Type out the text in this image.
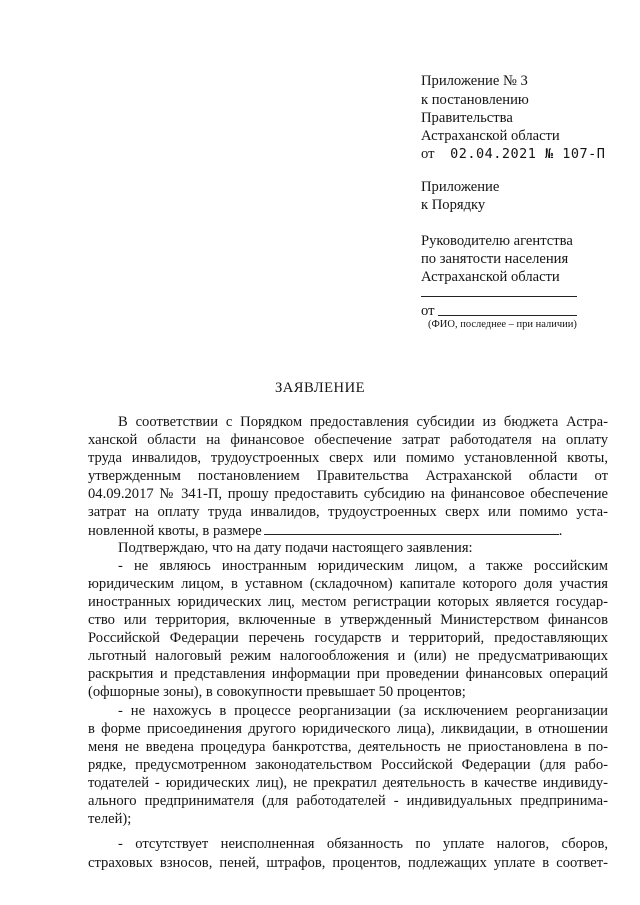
Приложение № 3
к постановлению
Правительства
Астраханской области
от 02.04.2021 № 107-П
Приложение
к Порядку
Руководителю агентства
по занятости населения
Астраханской области
от
(ФИО, последнее – при наличии)
ЗАЯВЛЕНИЕ
В соответствии с Порядком предоставления субсидии из бюджета Астра-
ханской области на финансовое обеспечение затрат работодателя на оплату
труда инвалидов, трудоустроенных сверх или помимо установленной квоты,
утвержденным постановлением Правительства Астраханской области от
04.09.2017 № 341-П, прошу предоставить субсидию на финансовое обеспечение
затрат на оплату труда инвалидов, трудоустроенных сверх или помимо уста-
новленной квоты, в размере	.
Подтверждаю, что на дату подачи настоящего заявления:
- не являюсь иностранным юридическим лицом, а также российским
юридическим лицом, в уставном (складочном) капитале которого доля участия
иностранных юридических лиц, местом регистрации которых является государ-
ство или территория, включенные в утвержденный Министерством финансов
Российской Федерации перечень государств и территорий, предоставляющих
льготный налоговый режим налогообложения и (или) не предусматривающих
раскрытия и представления информации при проведении финансовых операций
(офшорные зоны), в совокупности превышает 50 процентов;
- не нахожусь в процессе реорганизации (за исключением реорганизации
в форме присоединения другого юридического лица), ликвидации, в отношении
меня не введена процедура банкротства, деятельность не приостановлена в по-
рядке, предусмотренном законодательством Российской Федерации (для рабо-
тодателей - юридических лиц), не прекратил деятельность в качестве индивиду-
ального предпринимателя (для работодателей - индивидуальных предпринима-
телей);
- отсутствует неисполненная обязанность по уплате налогов, сборов,
страховых взносов, пеней, штрафов, процентов, подлежащих уплате в соответ-
